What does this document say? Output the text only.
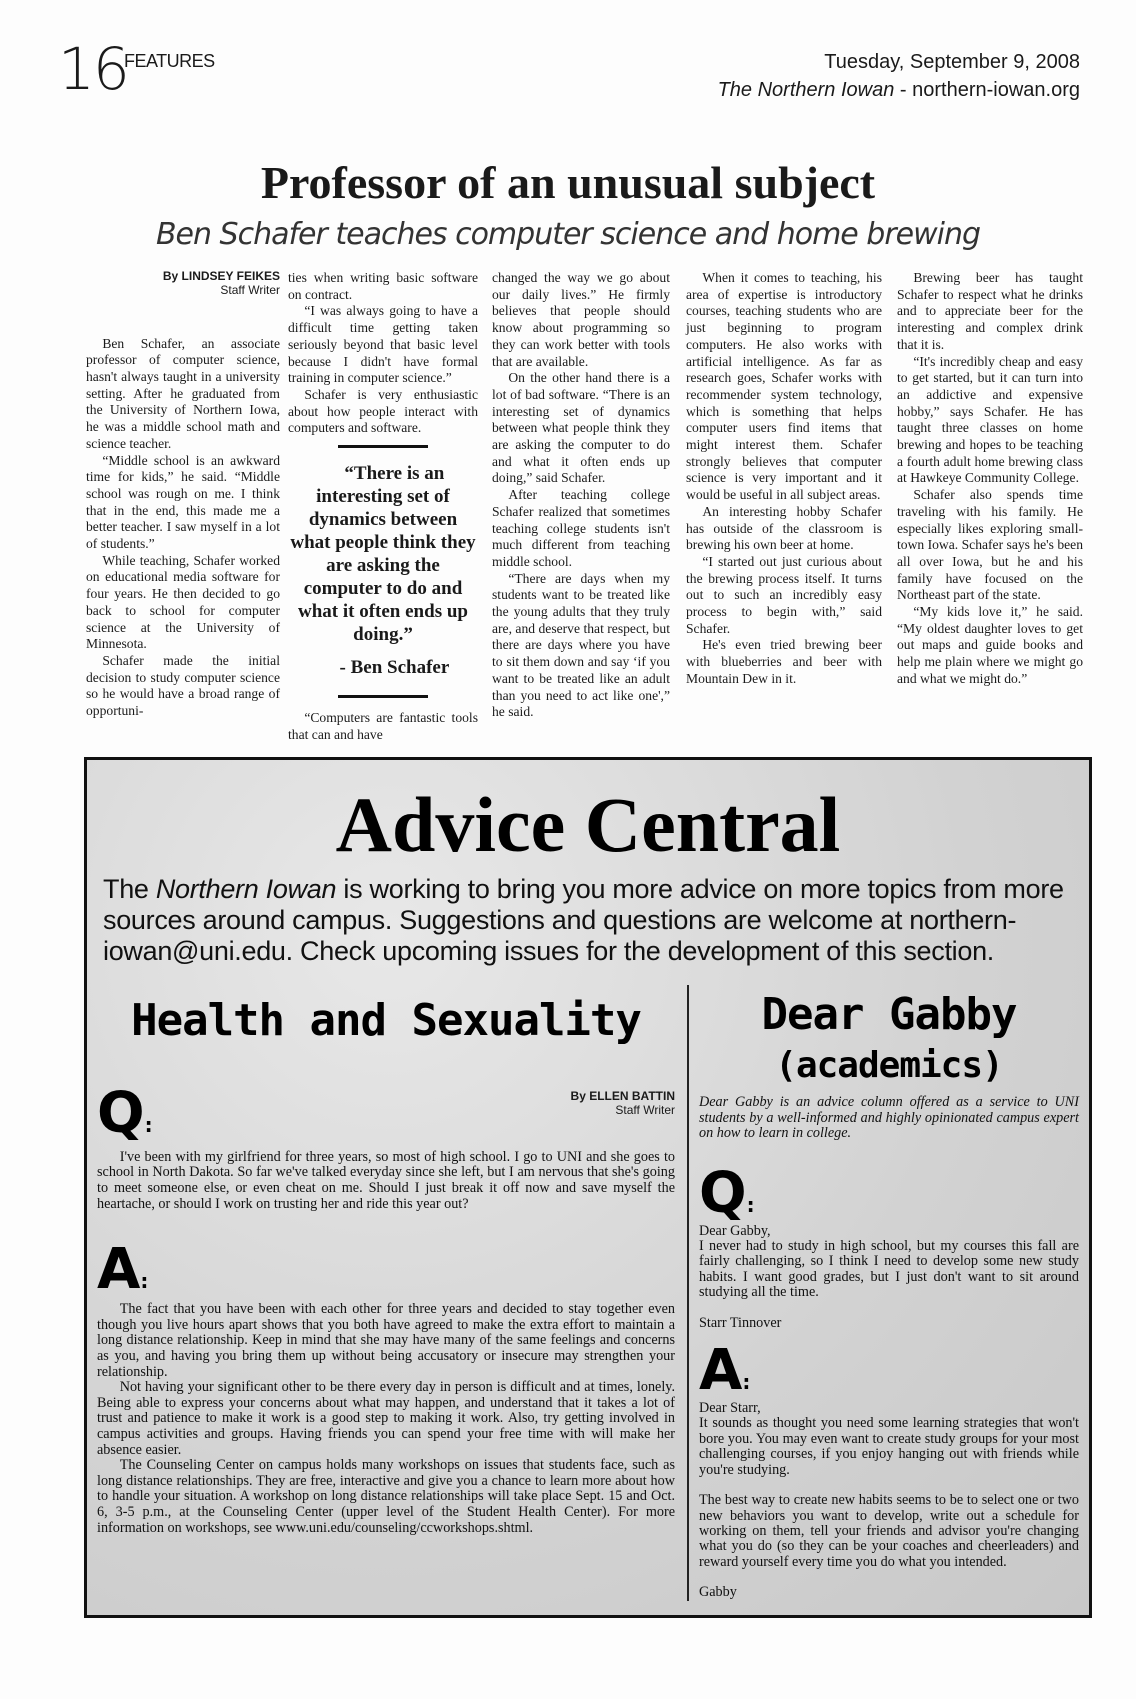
16
FEATURES	Tuesday, September 9, 2008
The Northern Iowan - northern-iowan.org
Professor of an unusual subject
Ben Schafer teaches computer science and home brewing
By LINDSEY FEIKES
Staff Writer

Ben Schafer, an associate professor of computer science, hasn't always taught in a university setting. After he graduated from the University of Northern Iowa, he was a middle school math and science teacher.

“Middle school is an awkward time for kids,” he said. “Middle school was rough on me. I think that in the end, this made me a better teacher. I saw myself in a lot of students.”

While teaching, Schafer worked on educational media software for four years. He then decided to go back to school for computer science at the University of Minnesota.

Schafer made the initial decision to study computer science so he would have a broad range of opportuni-

ties when writing basic software on contract.

“I was always going to have a difficult time getting taken seriously beyond that basic level because I didn't have formal training in computer science.”

Schafer is very enthusiastic about how people interact with computers and software.

“There is an interesting set of dynamics between what people think they are asking the computer to do and what it often ends up doing.”

- Ben Schafer

“Computers are fantastic tools that can and have

changed the way we go about our daily lives.” He firmly believes that people should know about programming so they can work better with tools that are available.

On the other hand there is a lot of bad software. “There is an interesting set of dynamics between what people think they are asking the computer to do and what it often ends up doing,” said Schafer.

After teaching college Schafer realized that sometimes teaching college students isn't much different from teaching middle school.

“There are days when my students want to be treated like the young adults that they truly are, and deserve that respect, but there are days where you have to sit them down and say ‘if you want to be treated like an adult than you need to act like one',” he said.

When it comes to teaching, his area of expertise is introductory courses, teaching students who are just beginning to program computers. He also works with artificial intelligence. As far as research goes, Schafer works with recommender system technology, which is something that helps computer users find items that might interest them. Schafer strongly believes that computer science is very important and it would be useful in all subject areas.

An interesting hobby Schafer has outside of the classroom is brewing his own beer at home.

“I started out just curious about the brewing process itself. It turns out to such an incredibly easy process to begin with,” said Schafer.

He's even tried brewing beer with blueberries and beer with Mountain Dew in it.

Brewing beer has taught Schafer to respect what he drinks and to appreciate beer for the interesting and complex drink that it is.

“It's incredibly cheap and easy to get started, but it can turn into an addictive and expensive hobby,” says Schafer. He has taught three classes on home brewing and hopes to be teaching a fourth adult home brewing class at Hawkeye Community College.

Schafer also spends time traveling with his family. He especially likes exploring small-town Iowa. Schafer says he's been all over Iowa, but he and his family have focused on the Northeast part of the state.

“My kids love it,” he said. “My oldest daughter loves to get out maps and guide books and help me plain where we might go and what we might do.”

Advice Central
The Northern Iowan is working to bring you more advice on more topics from more sources around campus. Suggestions and questions are welcome at northern-iowan@uni.edu. Check upcoming issues for the development of this section.
Health and Sexuality
Q:
By ELLEN BATTIN
Staff Writer

I've been with my girlfriend for three years, so most of high school. I go to UNI and she goes to school in North Dakota. So far we've talked everyday since she left, but I am nervous that she's going to meet someone else, or even cheat on me. Should I just break it off now and save myself the heartache, or should I work on trusting her and ride this year out?

A:

The fact that you have been with each other for three years and decided to stay together even though you live hours apart shows that you both have agreed to make the extra effort to maintain a long distance relationship. Keep in mind that she may have many of the same feelings and concerns as you, and having you bring them up without being accusatory or insecure may strengthen your relationship.

Not having your significant other to be there every day in person is difficult and at times, lonely. Being able to express your concerns about what may happen, and understand that it takes a lot of trust and patience to make it work is a good step to making it work. Also, try getting involved in campus activities and groups. Having friends you can spend your free time with will make her absence easier.

The Counseling Center on campus holds many workshops on issues that students face, such as long distance relationships. They are free, interactive and give you a chance to learn more about how to handle your situation. A workshop on long distance relationships will take place Sept. 15 and Oct. 6, 3-5 p.m., at the Counseling Center (upper level of the Student Health Center). For more information on workshops, see www.uni.edu/counseling/ccworkshops.shtml.

Dear Gabby
(academics)
Dear Gabby is an advice column offered as a service to UNI students by a well-informed and highly opinionated campus expert on how to learn in college.
Q:
Dear Gabby,
I never had to study in high school, but my courses this fall are fairly challenging, so I think I need to develop some new study habits. I want good grades, but I just don't want to sit around studying all the time.
Starr Tinnover
A:
Dear Starr,
It sounds as thought you need some learning strategies that won't bore you. You may even want to create study groups for your most challenging courses, if you enjoy hanging out with friends while you're studying.
The best way to create new habits seems to be to select one or two new behaviors you want to develop, write out a schedule for working on them, tell your friends and advisor you're changing what you do (so they can be your coaches and cheerleaders) and reward yourself every time you do what you intended.
Gabby
